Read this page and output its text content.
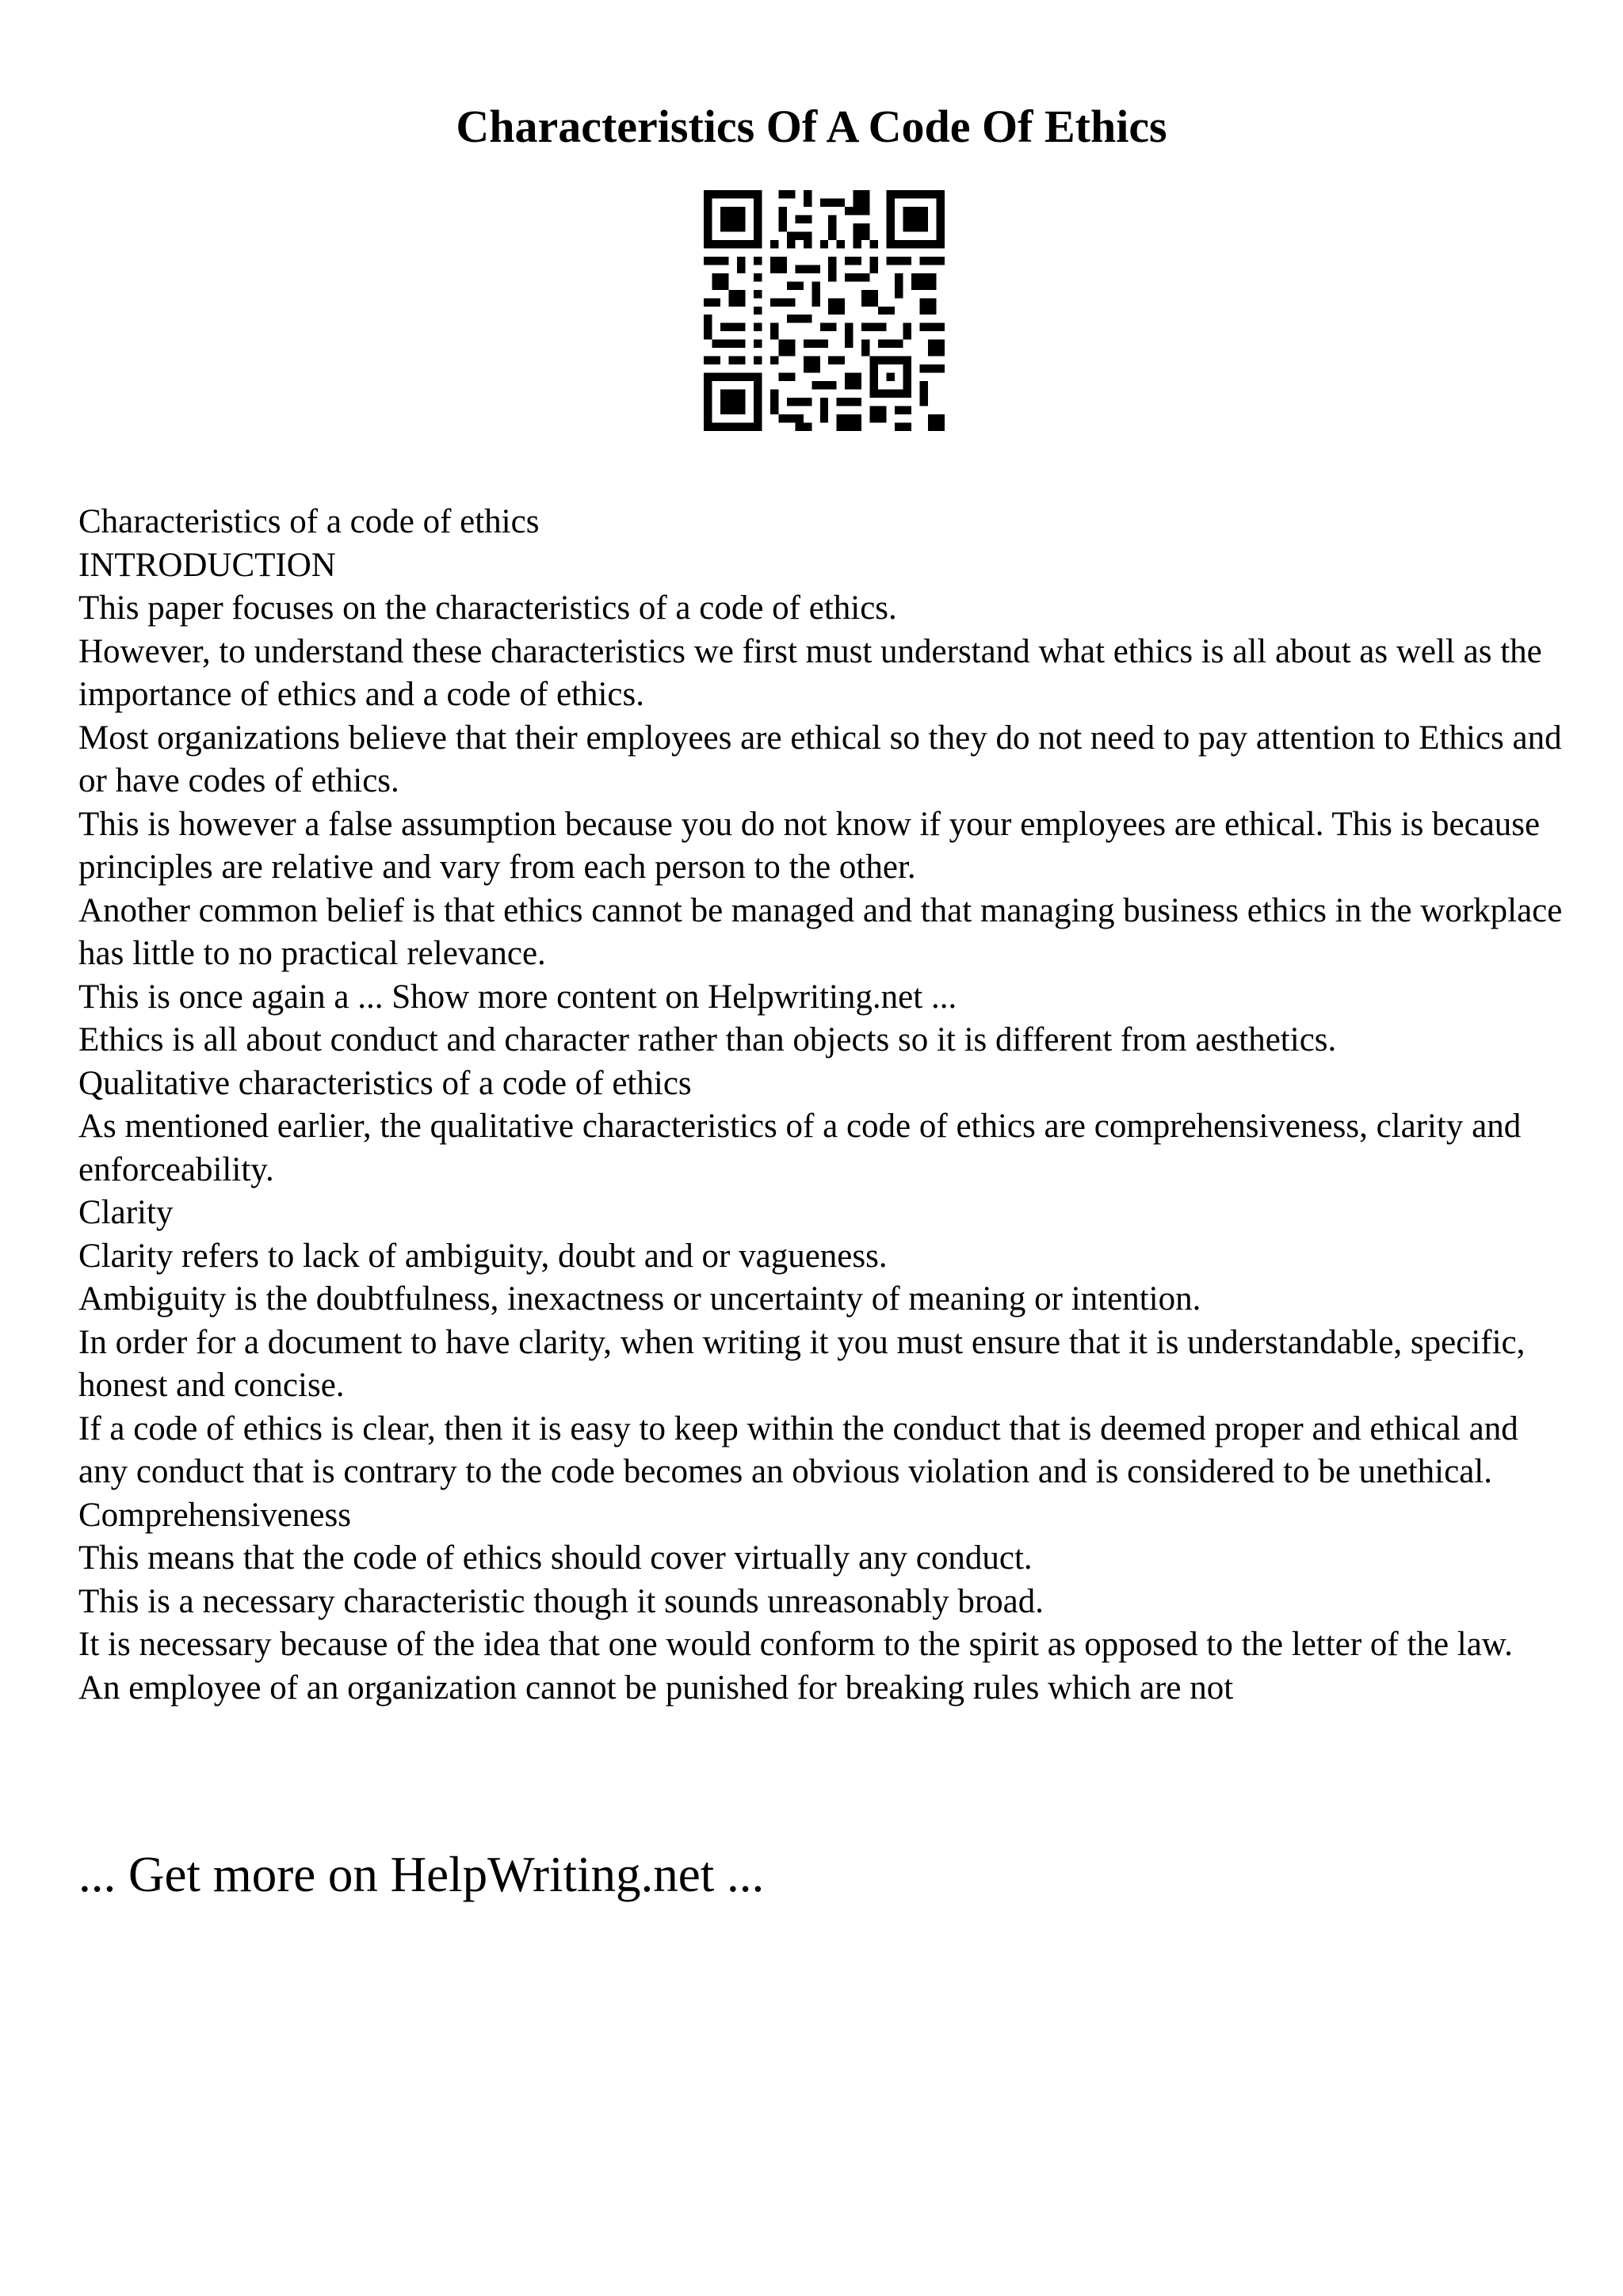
Characteristics Of A Code Of Ethics

Characteristics of a code of ethics

INTRODUCTION

This paper focuses on the characteristics of a code of ethics.

However, to understand these characteristics we first must understand what ethics is all about as well as the importance of ethics and a code of ethics.

Most organizations believe that their employees are ethical so they do not need to pay attention to Ethics and or have codes of ethics.

This is however a false assumption because you do not know if your employees are ethical. This is because principles are relative and vary from each person to the other.

Another common belief is that ethics cannot be managed and that managing business ethics in the workplace has little to no practical relevance.

This is once again a ... Show more content on Helpwriting.net ...

Ethics is all about conduct and character rather than objects so it is different from aesthetics.

Qualitative characteristics of a code of ethics

As mentioned earlier, the qualitative characteristics of a code of ethics are comprehensiveness, clarity and enforceability.

Clarity

Clarity refers to lack of ambiguity, doubt and or vagueness.

Ambiguity is the doubtfulness, inexactness or uncertainty of meaning or intention.

In order for a document to have clarity, when writing it you must ensure that it is understandable, specific, honest and concise.

If a code of ethics is clear, then it is easy to keep within the conduct that is deemed proper and ethical and any conduct that is contrary to the code becomes an obvious violation and is considered to be unethical.

Comprehensiveness

This means that the code of ethics should cover virtually any conduct.

This is a necessary characteristic though it sounds unreasonably broad.

It is necessary because of the idea that one would conform to the spirit as opposed to the letter of the law.

An employee of an organization cannot be punished for breaking rules which are not

... Get more on HelpWriting.net ...
